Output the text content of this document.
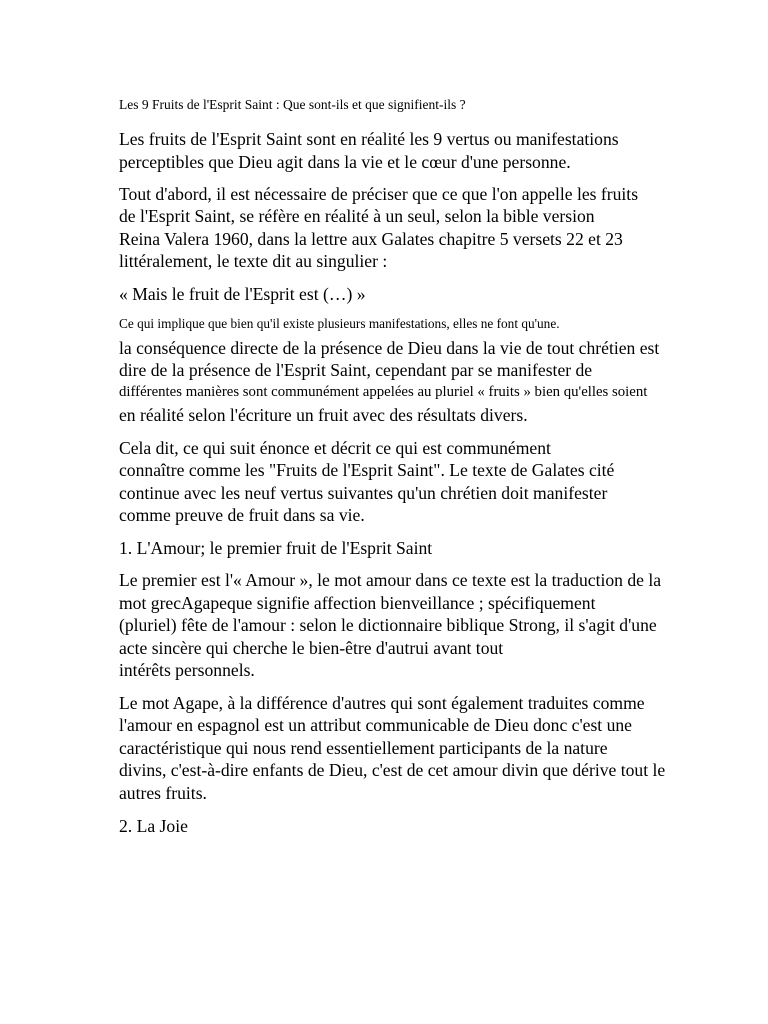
Les 9 Fruits de l'Esprit Saint : Que sont-ils et que signifient-ils ?

Les fruits de l'Esprit Saint sont en réalité les 9 vertus ou manifestations

perceptibles que Dieu agit dans la vie et le cœur d'une personne.

Tout d'abord, il est nécessaire de préciser que ce que l'on appelle les fruits

de l'Esprit Saint, se réfère en réalité à un seul, selon la bible version

Reina Valera 1960, dans la lettre aux Galates chapitre 5 versets 22 et 23

littéralement, le texte dit au singulier :

« Mais le fruit de l'Esprit est (…) »

Ce qui implique que bien qu'il existe plusieurs manifestations, elles ne font qu'une.

la conséquence directe de la présence de Dieu dans la vie de tout chrétien est

dire de la présence de l'Esprit Saint, cependant par se manifester de

différentes manières sont communément appelées au pluriel « fruits » bien qu'elles soient

en réalité selon l'écriture un fruit avec des résultats divers.

Cela dit, ce qui suit énonce et décrit ce qui est communément

connaître comme les "Fruits de l'Esprit Saint". Le texte de Galates cité

continue avec les neuf vertus suivantes qu'un chrétien doit manifester

comme preuve de fruit dans sa vie.

1. L'Amour; le premier fruit de l'Esprit Saint

Le premier est l'« Amour », le mot amour dans ce texte est la traduction de la

mot grecAgapeque signifie affection bienveillance ; spécifiquement

(pluriel) fête de l'amour : selon le dictionnaire biblique Strong, il s'agit d'une

acte sincère qui cherche le bien-être d'autrui avant tout

intérêts personnels.

Le mot Agape, à la différence d'autres qui sont également traduites comme

l'amour en espagnol est un attribut communicable de Dieu donc c'est une

caractéristique qui nous rend essentiellement participants de la nature

divins, c'est-à-dire enfants de Dieu, c'est de cet amour divin que dérive tout le

autres fruits.

2. La Joie
